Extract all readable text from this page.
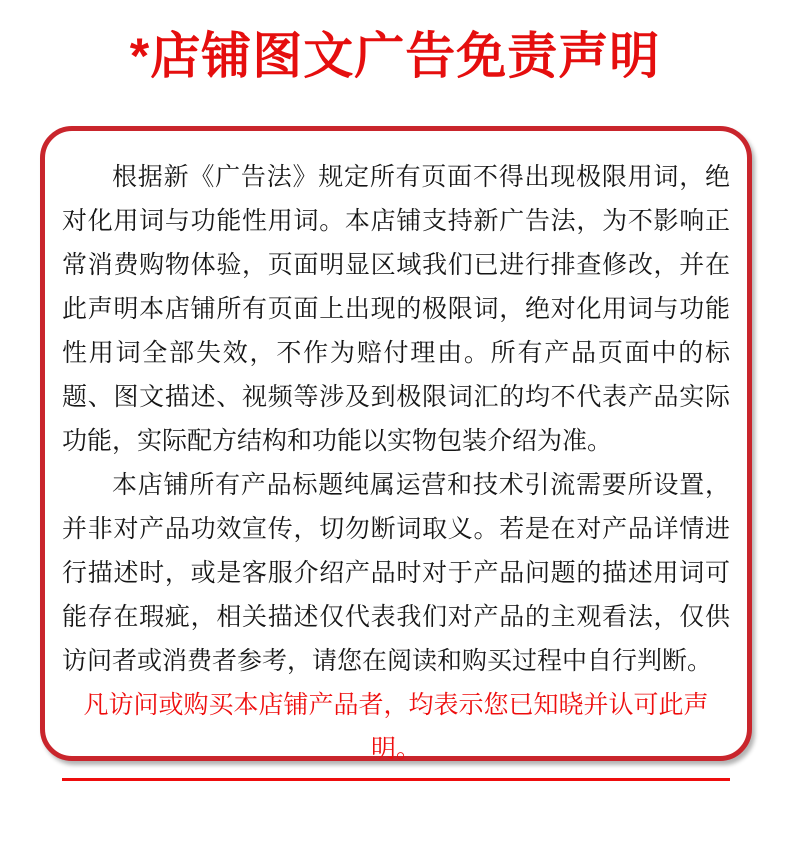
*店铺图文广告免责声明

根据新《广告法》规定所有页面不得出现极限用词，绝对化用词与功能性用词。本店铺支持新广告法，为不影响正常消费购物体验，页面明显区域我们已进行排查修改，并在此声明本店铺所有页面上出现的极限词，绝对化用词与功能性用词全部失效，不作为赔付理由。所有产品页面中的标题、图文描述、视频等涉及到极限词汇的均不代表产品实际功能，实际配方结构和功能以实物包装介绍为准。

本店铺所有产品标题纯属运营和技术引流需要所设置，并非对产品功效宣传，切勿断词取义。若是在对产品详情进行描述时，或是客服介绍产品时对于产品问题的描述用词可能存在瑕疵，相关描述仅代表我们对产品的主观看法，仅供访问者或消费者参考，请您在阅读和购买过程中自行判断。

凡访问或购买本店铺产品者，均表示您已知晓并认可此声明。
